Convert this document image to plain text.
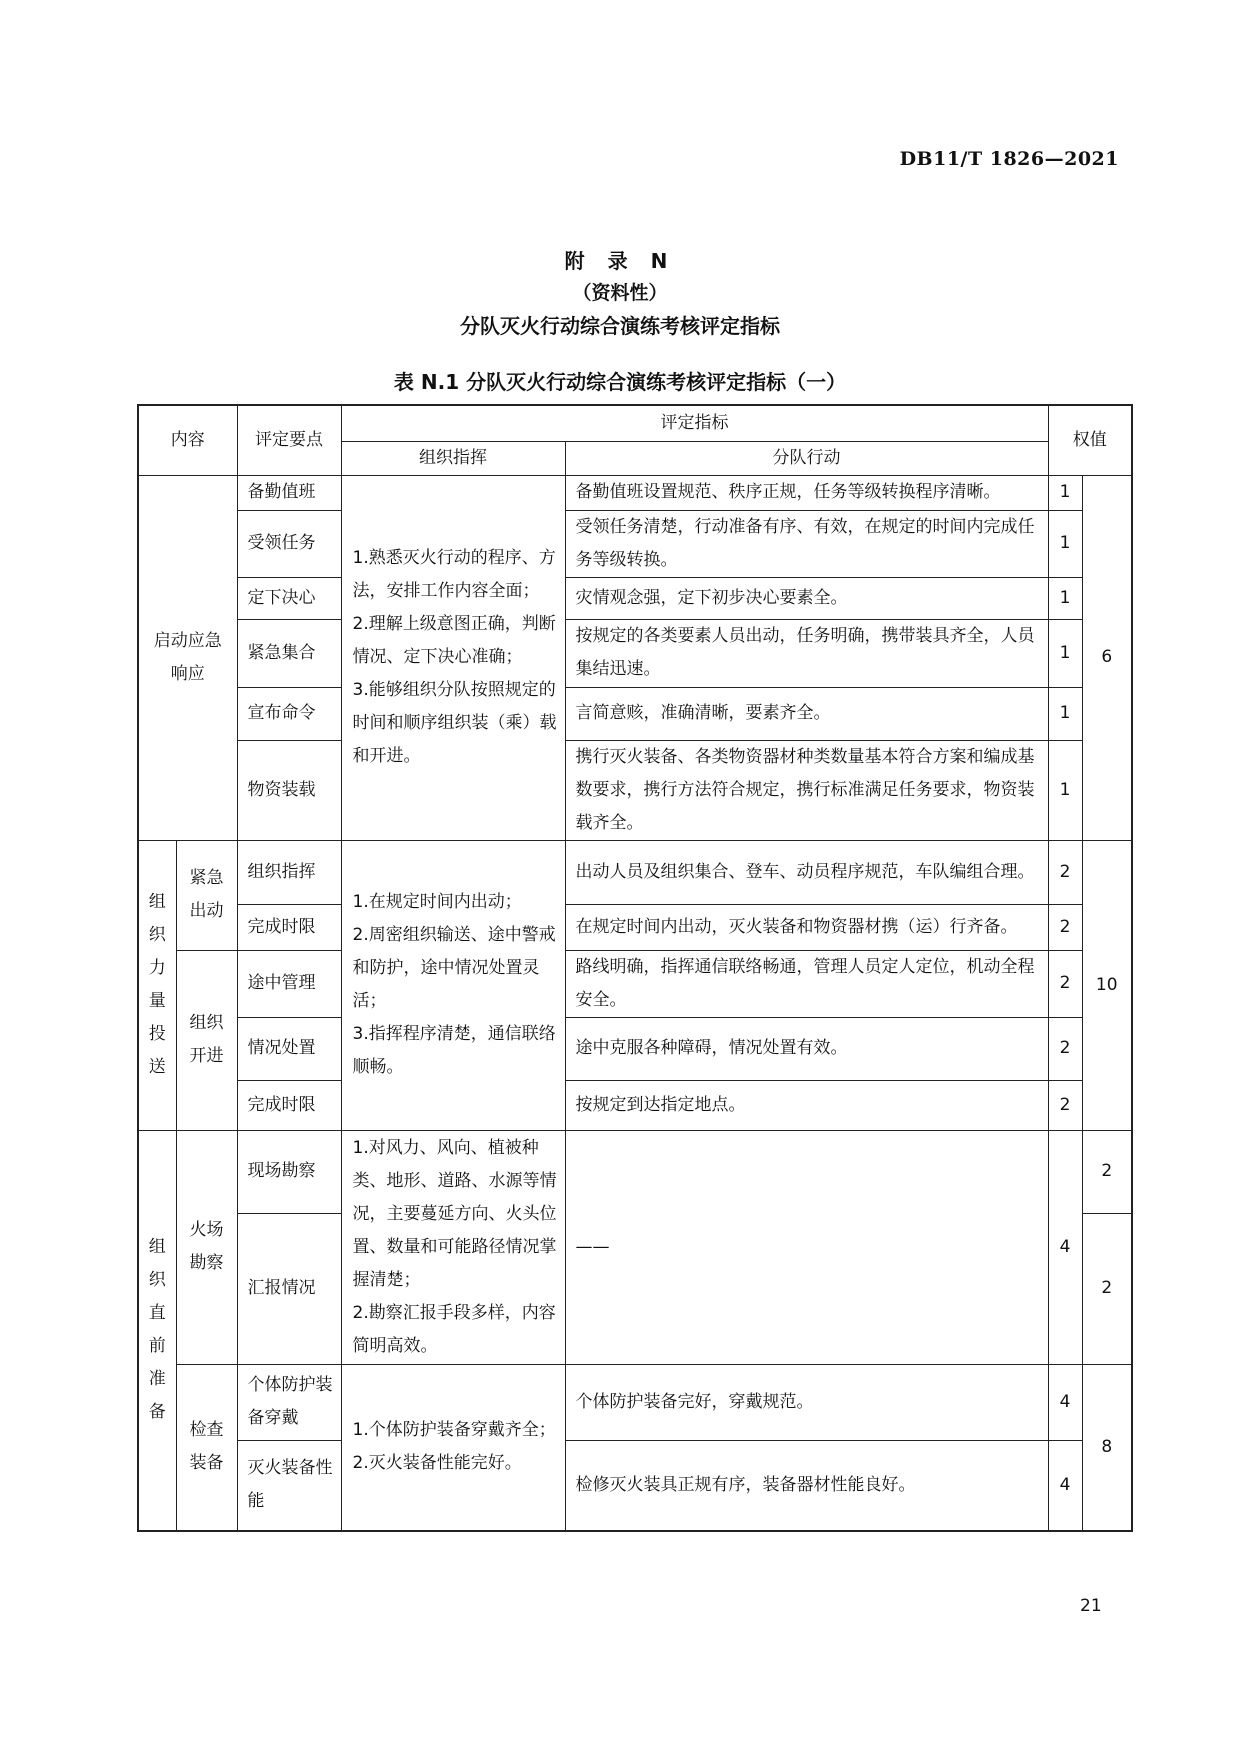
DB11/T 1826—2021
附 录 N
（资料性）
分队灭火行动综合演练考核评定指标
表 N.1 分队灭火行动综合演练考核评定指标（一）
内容		评定要点	评定指标		权值	
			组织指挥	分队行动		
启动应急响应		备勤值班	1.熟悉灭火行动的程序、方法，安排工作内容全面；
2.理解上级意图正确，判断情况、定下决心准确；
3.能够组织分队按照规定的时间和顺序组织装（乘）载和开进。	备勤值班设置规范、秩序正规，任务等级转换程序清晰。	1	6
		受领任务		受领任务清楚，行动准备有序、有效，在规定的时间内完成任务等级转换。	1	
		定下决心		灾情观念强，定下初步决心要素全。	1	
		紧急集合		按规定的各类要素人员出动，任务明确，携带装具齐全，人员集结迅速。	1	
		宣布命令		言简意赅，准确清晰，要素齐全。	1	
		物资装载		携行灭火装备、各类物资器材种类数量基本符合方案和编成基数要求，携行方法符合规定，携行标准满足任务要求，物资装载齐全。	1	
组织力量投送	紧急出动	组织指挥	1.在规定时间内出动；
2.周密组织输送、途中警戒和防护，途中情况处置灵活；
3.指挥程序清楚，通信联络顺畅。	出动人员及组织集合、登车、动员程序规范，车队编组合理。	2	10
		完成时限		在规定时间内出动，灭火装备和物资器材携（运）行齐备。	2	
	组织开进	途中管理		路线明确，指挥通信联络畅通，管理人员定人定位，机动全程安全。	2	
		情况处置		途中克服各种障碍，情况处置有效。	2	
		完成时限		按规定到达指定地点。	2	
组织直前准备	火场勘察	现场勘察	1.对风力、风向、植被种类、地形、道路、水源等情况，主要蔓延方向、火头位置、数量和可能路径情况掌握清楚；
2.勘察汇报手段多样，内容简明高效。	——	4	2
		汇报情况				2
	检查装备	个体防护装备穿戴	1.个体防护装备穿戴齐全；
2.灭火装备性能完好。	个体防护装备完好，穿戴规范。	4	8
		灭火装备性能		检修灭火装具正规有序，装备器材性能良好。	4	
21
